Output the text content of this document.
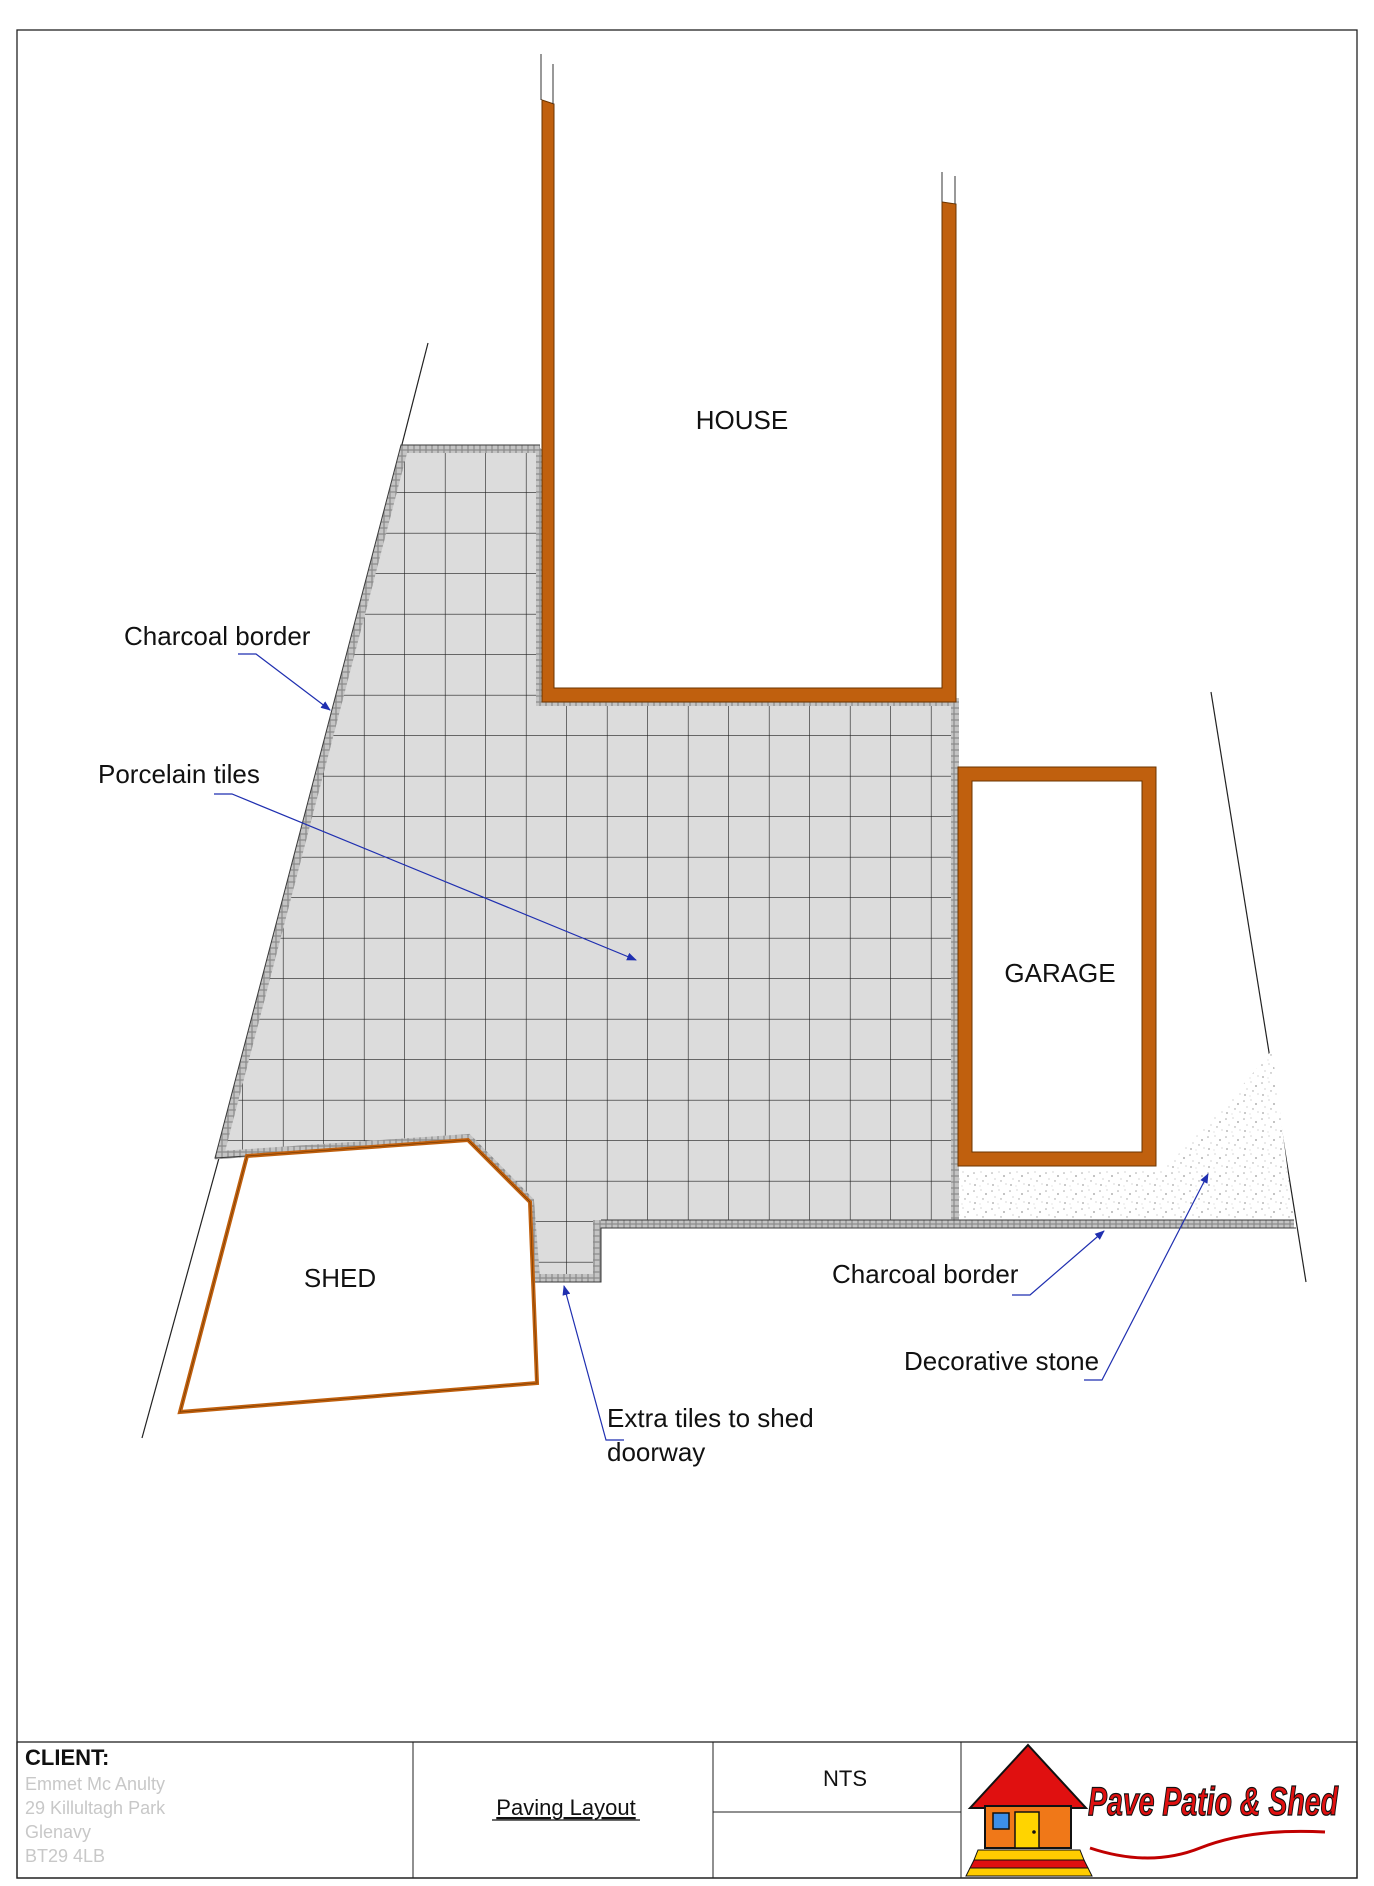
HOUSE
GARAGE
SHED
Charcoal border
Porcelain tiles
Charcoal border
Decorative stone
Extra tiles to shed
doorway
CLIENT:
Emmet Mc Anulty
29 Killultagh Park
Glenavy
BT29 4LB
Paving Layout
NTS
Pave Patio & Shed
